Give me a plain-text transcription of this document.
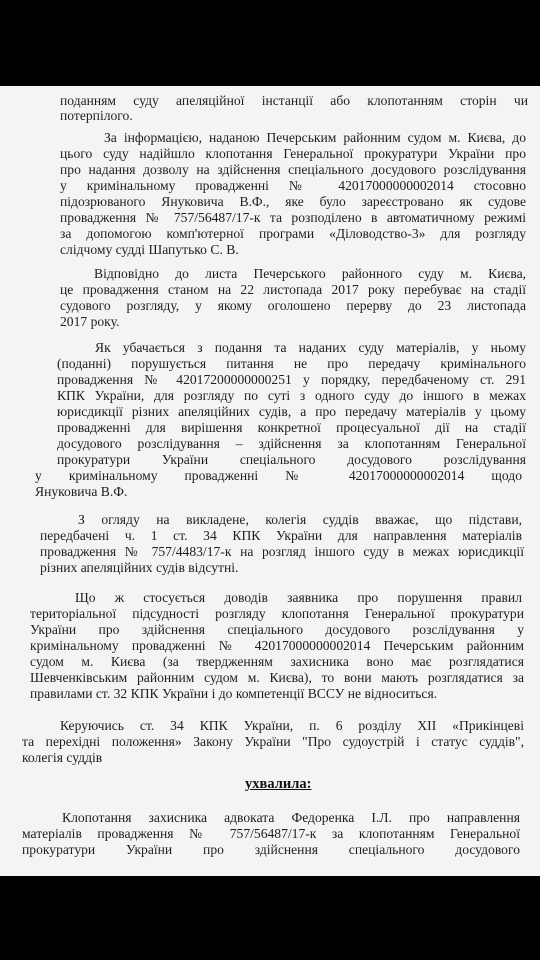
поданням суду апеляційної інстанції або клопотанням сторін чи
потерпілого.
За інформацією, наданою Печерським районним судом м. Києва, до
цього суду надійшло клопотання Генеральної прокуратури України про
про надання дозволу на здійснення спеціального досудового розслідування
у кримінальному провадженні № 42017000000002014 стосовно
підозрюваного Януковича В.Ф., яке було зареєстровано як судове
провадження № 757/56487/17-к та розподілено в автоматичному режимі
за допомогою комп'ютерної програми «Діловодство-3» для розгляду
слідчому судді Шапутько С. В.
Відповідно до листа Печерського районного суду м. Києва,
це провадження станом на 22 листопада 2017 року перебуває на стадії
судового розгляду, у якому оголошено перерву до 23 листопада
2017 року.
Як убачається з подання та наданих суду матеріалів, у ньому
(поданні) порушується питання не про передачу кримінального
провадження № 42017200000000251 у порядку, передбаченому ст. 291
КПК України, для розгляду по суті з одного суду до іншого в межах
юрисдикції різних апеляційних судів, а про передачу матеріалів у цьому
провадженні для вирішення конкретної процесуальної дії на стадії
досудового розслідування – здійснення за клопотанням Генеральної
прокуратури України спеціального досудового розслідування
у кримінальному провадженні № 42017000000002014 щодо
Януковича В.Ф.
З огляду на викладене, колегія суддів вважає, що підстави,
передбачені ч. 1 ст. 34 КПК України для направлення матеріалів
провадження № 757/4483/17-к на розгляд іншого суду в межах юрисдикції
різних апеляційних судів відсутні.
Що ж стосується доводів заявника про порушення правил
територіальної підсудності розгляду клопотання Генеральної прокуратури
України про здійснення спеціального досудового розслідування у
кримінальному провадженні № 42017000000002014 Печерським районним
судом м. Києва (за твердженням захисника воно має розглядатися
Шевченківським районним судом м. Києва), то вони мають розглядатися за
правилами ст. 32 КПК України і до компетенції ВССУ не відноситься.
Керуючись ст. 34 КПК України, п. 6 розділу XII «Прикінцеві
та перехідні положення» Закону України "Про судоустрій і статус суддів",
колегія суддів
ухвалила:
Клопотання захисника адвоката Федоренка І.Л. про направлення
матеріалів провадження № 757/56487/17-к за клопотанням Генеральної
прокуратури України про здійснення спеціального досудового
